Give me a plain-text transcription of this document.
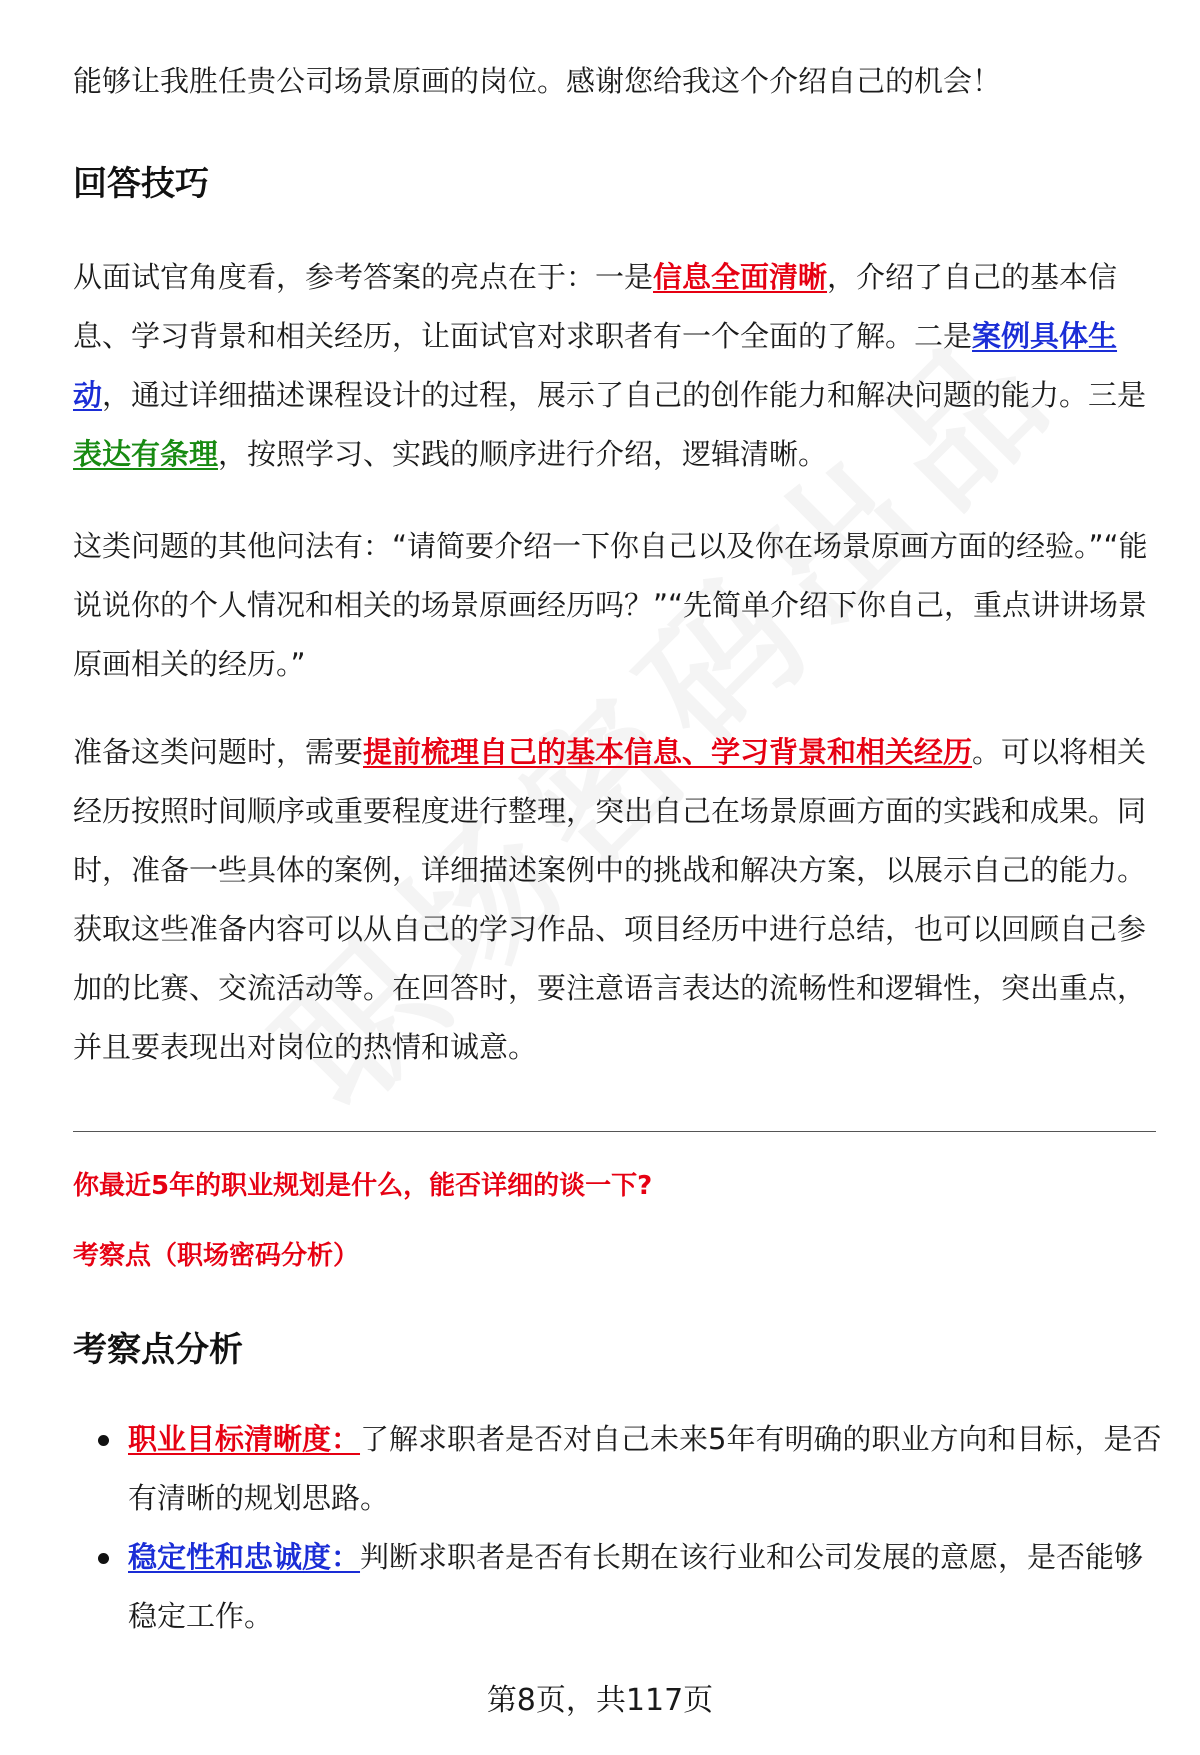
能够让我胜任贵公司场景原画的岗位。感谢您给我这个介绍自己的机会！

回答技巧

从面试官角度看，参考答案的亮点在于：一是信息全面清晰，介绍了自己的基本信息、学习背景和相关经历，让面试官对求职者有一个全面的了解。二是案例具体生动，通过详细描述课程设计的过程，展示了自己的创作能力和解决问题的能力。三是表达有条理，按照学习、实践的顺序进行介绍，逻辑清晰。

这类问题的其他问法有：“请简要介绍一下你自己以及你在场景原画方面的经验。”“能说说你的个人情况和相关的场景原画经历吗？”“先简单介绍下你自己，重点讲讲场景原画相关的经历。”

准备这类问题时，需要提前梳理自己的基本信息、学习背景和相关经历。可以将相关经历按照时间顺序或重要程度进行整理，突出自己在场景原画方面的实践和成果。同时，准备一些具体的案例，详细描述案例中的挑战和解决方案，以展示自己的能力。获取这些准备内容可以从自己的学习作品、项目经历中进行总结，也可以回顾自己参加的比赛、交流活动等。在回答时，要注意语言表达的流畅性和逻辑性，突出重点，并且要表现出对岗位的热情和诚意。

你最近5年的职业规划是什么，能否详细的谈一下?

考察点（职场密码分析）

考察点分析
职业目标清晰度：了解求职者是否对自己未来5年有明确的职业方向和目标，是否有清晰的规划思路。
稳定性和忠诚度：判断求职者是否有长期在该行业和公司发展的意愿，是否能够稳定工作。
第8页，共117页
